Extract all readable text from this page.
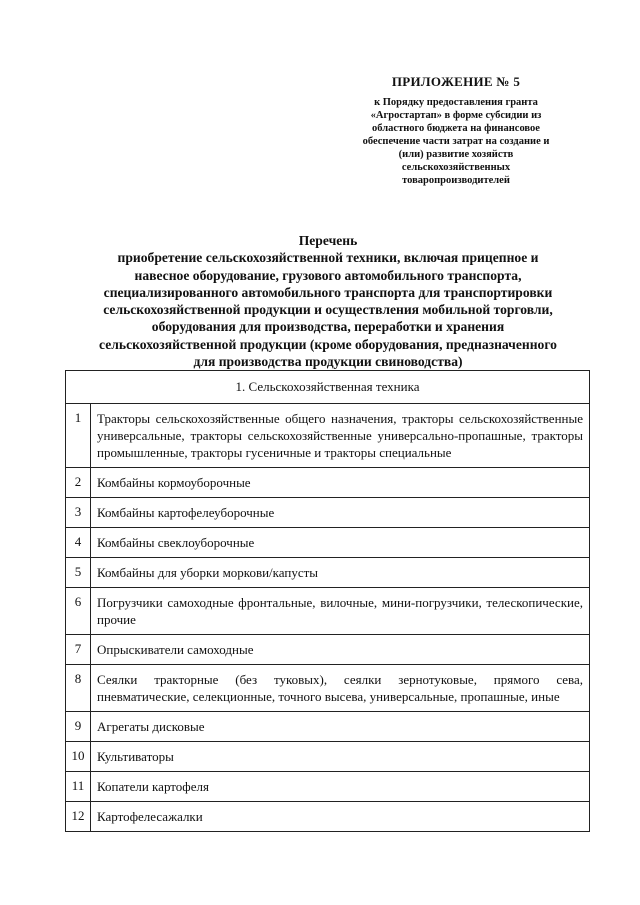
ПРИЛОЖЕНИЕ № 5
к Порядку предоставления гранта
«Агростартап» в форме субсидии из
областного бюджета на финансовое
обеспечение части затрат на создание и
(или) развитие хозяйств
сельскохозяйственных
товаропроизводителей
Перечень
приобретение сельскохозяйственной техники, включая прицепное и
навесное оборудование, грузового автомобильного транспорта,
специализированного автомобильного транспорта для транспортировки
сельскохозяйственной продукции и осуществления мобильной торговли,
оборудования для производства, переработки и хранения
сельскохозяйственной продукции (кроме оборудования, предназначенного
для производства продукции свиноводства)
1. Сельскохозяйственная техника	
1	Тракторы сельскохозяйственные общего назначения, тракторы сельскохозяйственные универсальные, тракторы сельскохозяйственные универсально-пропашные, тракторы промышленные, тракторы гусеничные и тракторы специальные
2	Комбайны кормоуборочные
3	Комбайны картофелеуборочные
4	Комбайны свеклоуборочные
5	Комбайны для уборки моркови/капусты
6	Погрузчики самоходные фронтальные, вилочные, мини-погрузчики, телескопические, прочие
7	Опрыскиватели самоходные
8	Сеялки тракторные (без туковых), сеялки зернотуковые, прямого сева, пневматические, селекционные, точного высева, универсальные, пропашные, иные
9	Агрегаты дисковые
10	Культиваторы
11	Копатели картофеля
12	Картофелесажалки
